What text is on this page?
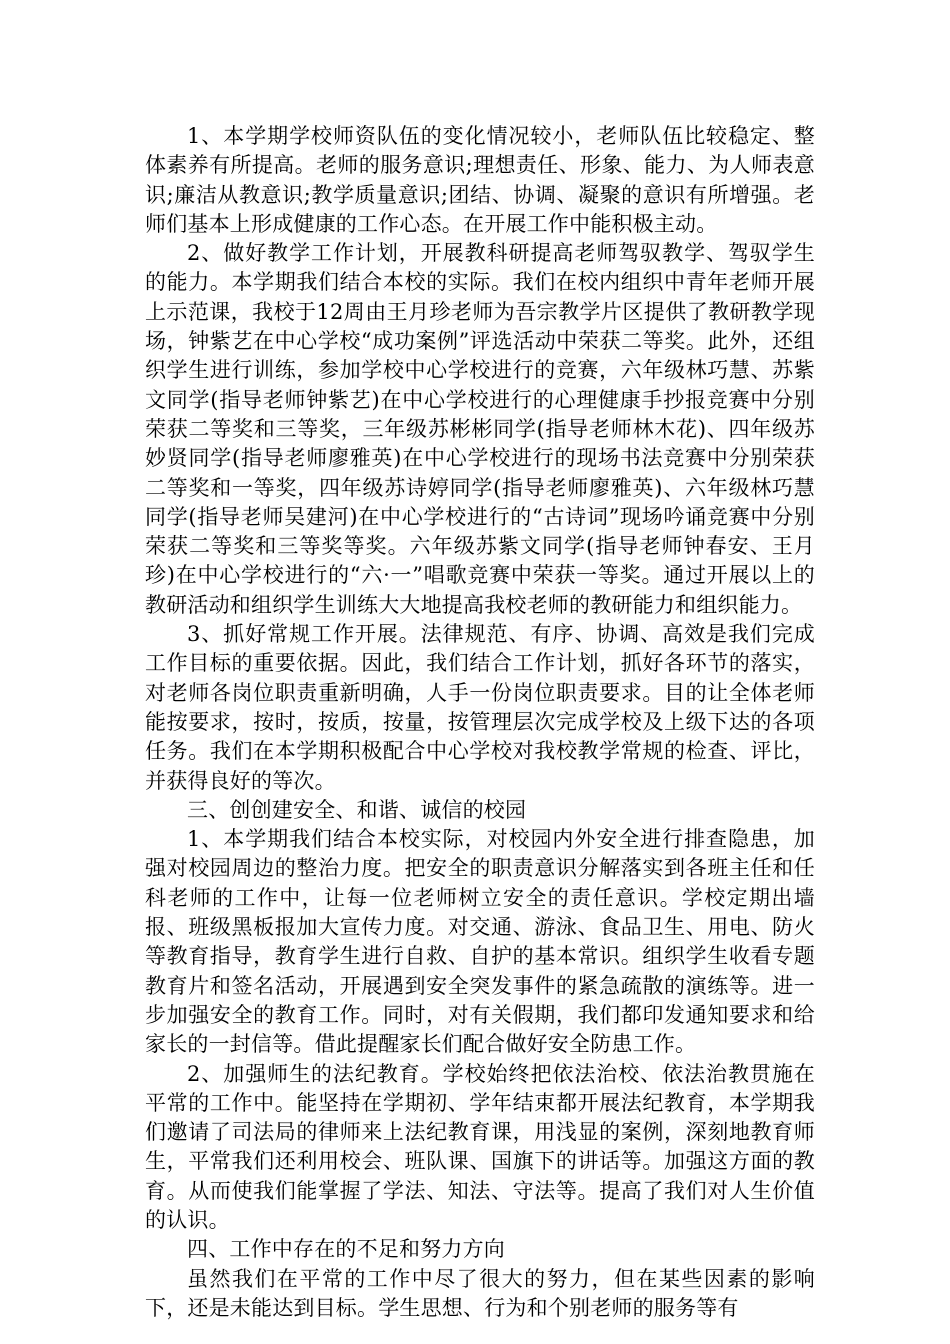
1、本学期学校师资队伍的变化情况较小，老师队伍比较稳定、整体素养有所提高。老师的服务意识;理想责任、形象、能力、为人师表意识;廉洁从教意识;教学质量意识;团结、协调、凝聚的意识有所增强。老师们基本上形成健康的工作心态。在开展工作中能积极主动。

2、做好教学工作计划，开展教科研提高老师驾驭教学、驾驭学生的能力。本学期我们结合本校的实际。我们在校内组织中青年老师开展上示范课，我校于12周由王月珍老师为吾宗教学片区提供了教研教学现场，钟紫艺在中心学校“成功案例”评选活动中荣获二等奖。此外，还组织学生进行训练，参加学校中心学校进行的竞赛，六年级林巧慧、苏紫文同学(指导老师钟紫艺)在中心学校进行的心理健康手抄报竞赛中分别荣获二等奖和三等奖，三年级苏彬彬同学(指导老师林木花)、四年级苏妙贤同学(指导老师廖雅英)在中心学校进行的现场书法竞赛中分别荣获二等奖和一等奖，四年级苏诗婷同学(指导老师廖雅英)、六年级林巧慧同学(指导老师吴建河)在中心学校进行的“古诗词”现场吟诵竞赛中分别荣获二等奖和三等奖等奖。六年级苏紫文同学(指导老师钟春安、王月珍)在中心学校进行的“六·一”唱歌竞赛中荣获一等奖。通过开展以上的教研活动和组织学生训练大大地提高我校老师的教研能力和组织能力。

3、抓好常规工作开展。法律规范、有序、协调、高效是我们完成工作目标的重要依据。因此，我们结合工作计划，抓好各环节的落实，对老师各岗位职责重新明确，人手一份岗位职责要求。目的让全体老师能按要求，按时，按质，按量，按管理层次完成学校及上级下达的各项任务。我们在本学期积极配合中心学校对我校教学常规的检查、评比，并获得良好的等次。

三、创创建安全、和谐、诚信的校园

1、本学期我们结合本校实际，对校园内外安全进行排查隐患，加强对校园周边的整治力度。把安全的职责意识分解落实到各班主任和任科老师的工作中，让每一位老师树立安全的责任意识。学校定期出墙报、班级黑板报加大宣传力度。对交通、游泳、食品卫生、用电、防火等教育指导，教育学生进行自救、自护的基本常识。组织学生收看专题教育片和签名活动，开展遇到安全突发事件的紧急疏散的演练等。进一步加强安全的教育工作。同时，对有关假期，我们都印发通知要求和给家长的一封信等。借此提醒家长们配合做好安全防患工作。

2、加强师生的法纪教育。学校始终把依法治校、依法治教贯施在平常的工作中。能坚持在学期初、学年结束都开展法纪教育，本学期我们邀请了司法局的律师来上法纪教育课，用浅显的案例，深刻地教育师生，平常我们还利用校会、班队课、国旗下的讲话等。加强这方面的教育。从而使我们能掌握了学法、知法、守法等。提高了我们对人生价值的认识。

四、工作中存在的不足和努力方向

虽然我们在平常的工作中尽了很大的努力，但在某些因素的影响下，还是未能达到目标。学生思想、行为和个别老师的服务等有
